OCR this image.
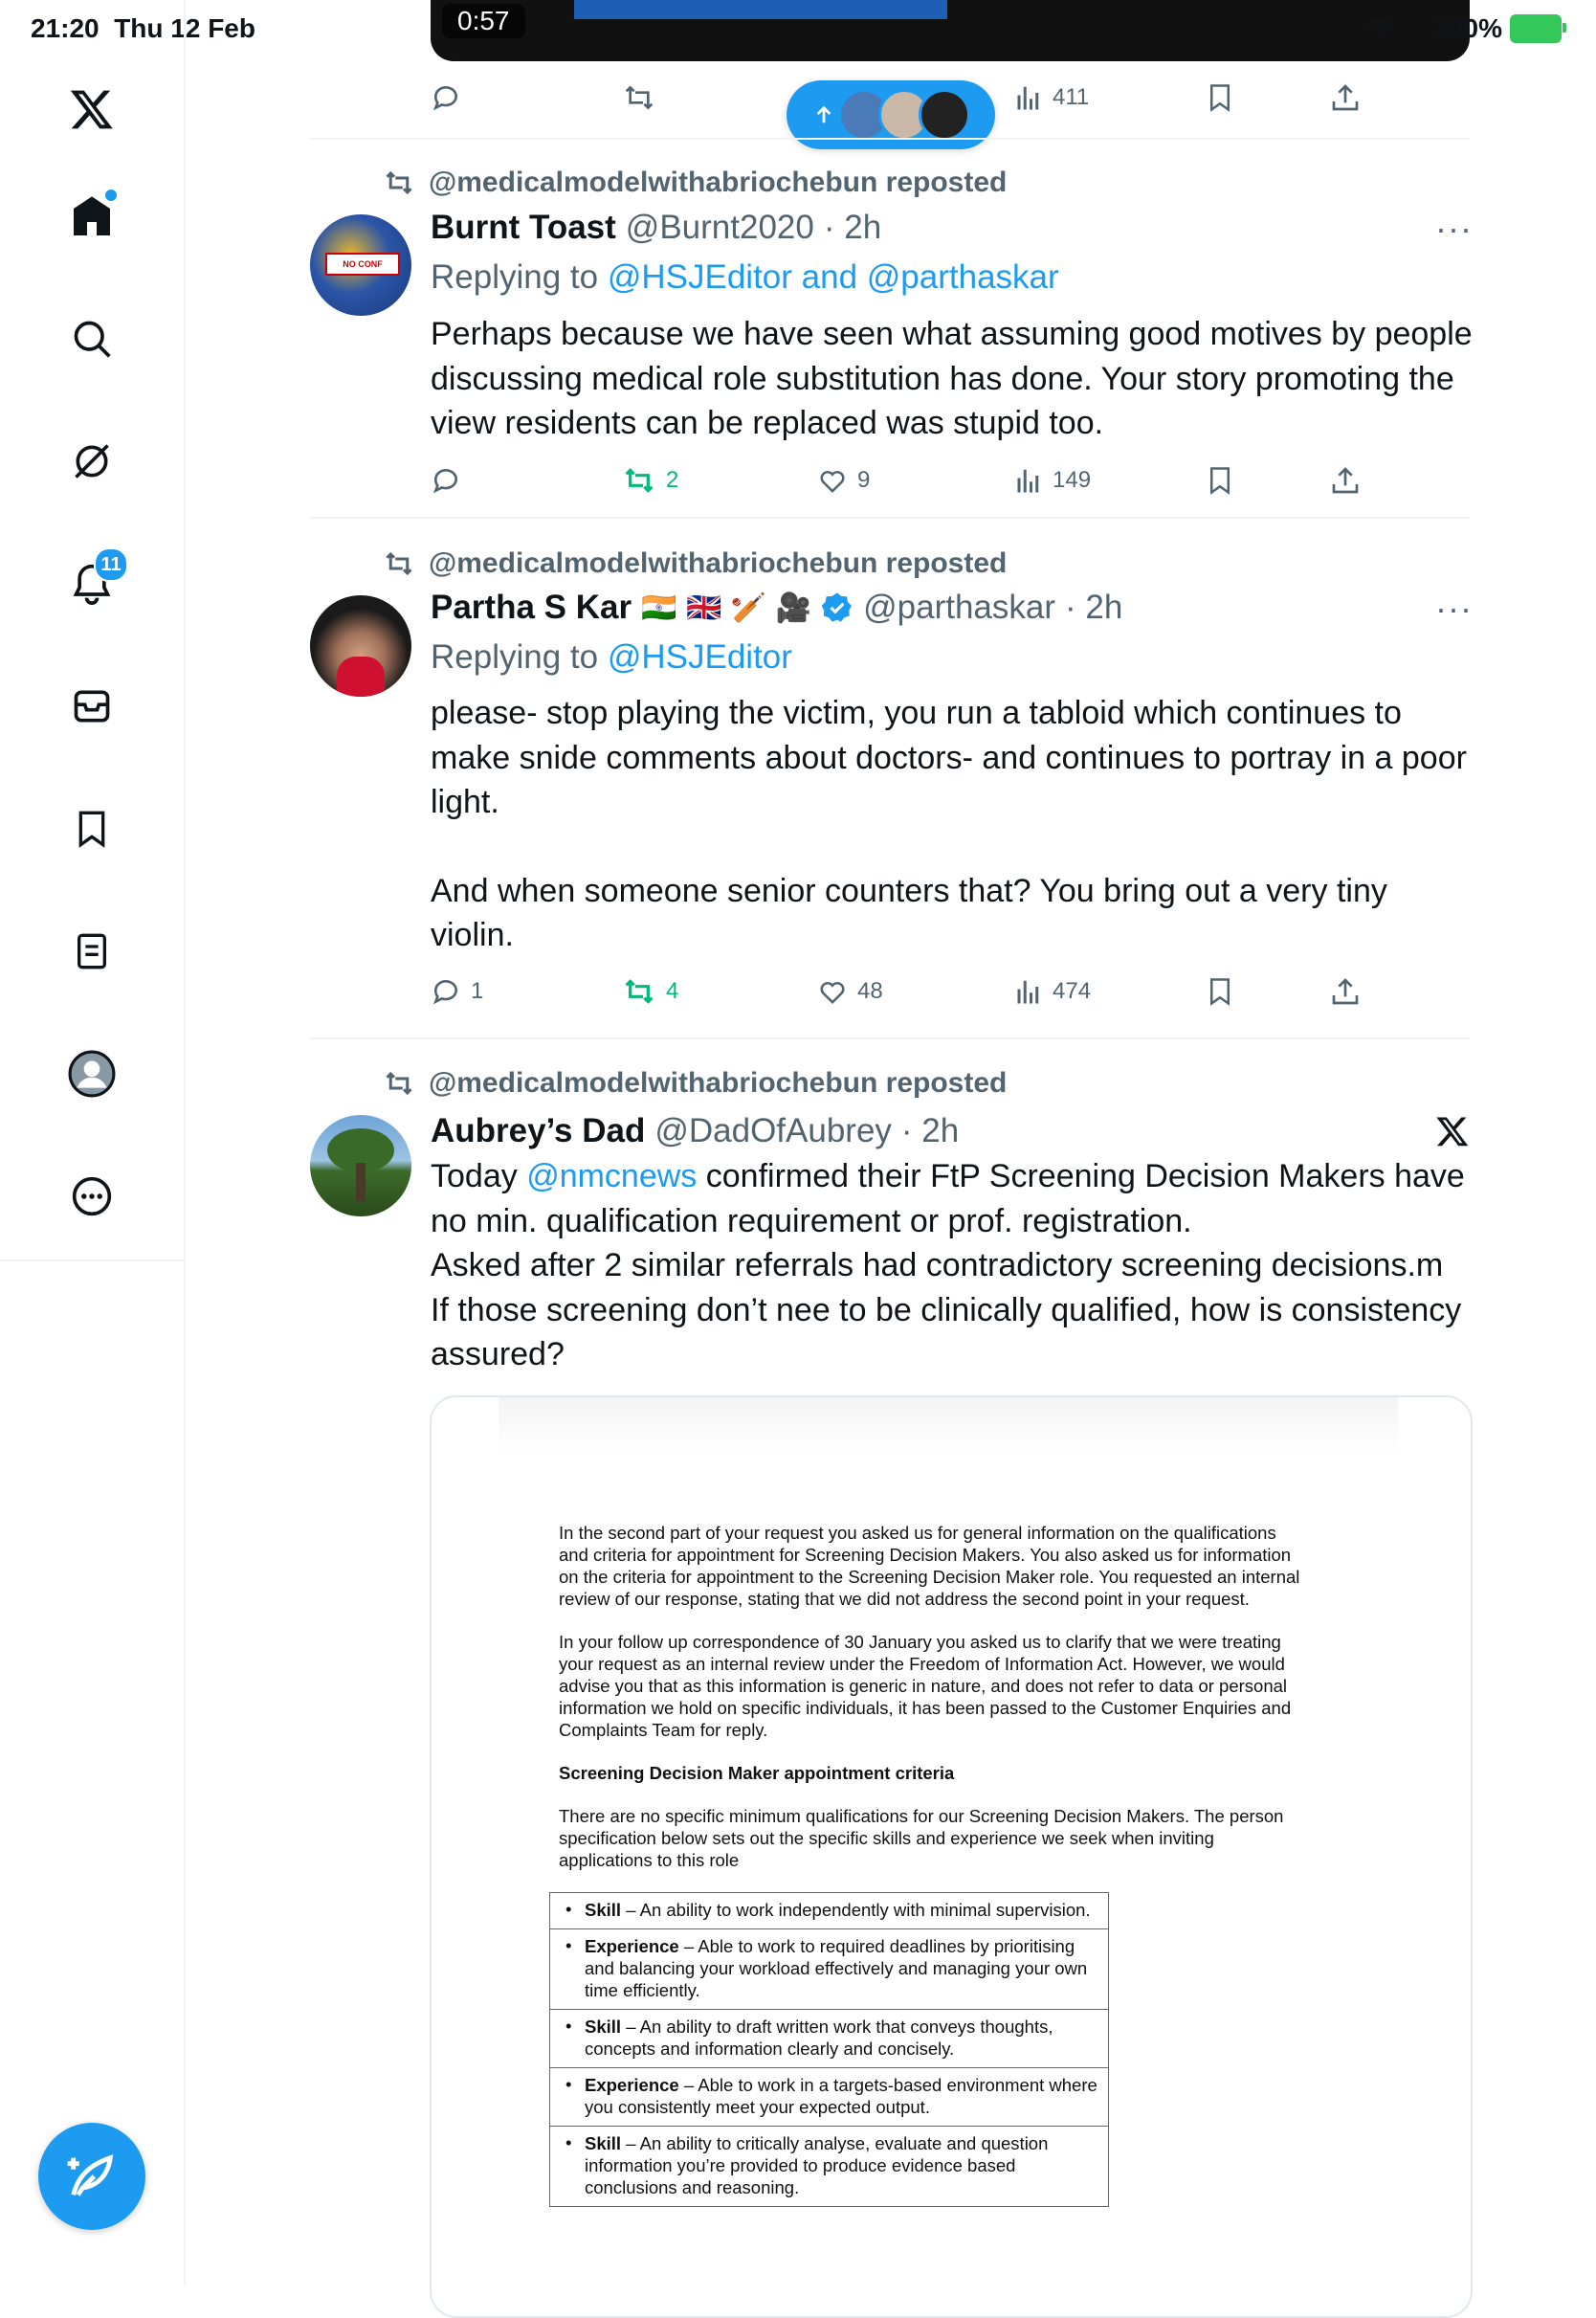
21:20 Thu 12 Feb	0:57	☺ 100%
11
411
@medicalmodelwithabriochebun reposted
NO CONF
Burnt Toast @Burnt2020 · 2h	···
Replying to @HSJEditor and @parthaskar
Perhaps because we have seen what assuming good motives by people discussing medical role substitution has done. Your story promoting the view residents can be replaced was stupid too.
2	9	149
@medicalmodelwithabriochebun reposted
Partha S Kar 🇮🇳 🇬🇧 🏏 🎥 @parthaskar · 2h	···
Replying to @HSJEditor
please- stop playing the victim, you run a tabloid which continues to make snide comments about doctors- and continues to portray in a poor light.
And when someone senior counters that? You bring out a very tiny violin.
1	4	48	474
@medicalmodelwithabriochebun reposted
Aubrey’s Dad @DadOfAubrey · 2h
Today @nmcnews confirmed their FtP Screening Decision Makers have no min. qualification requirement or prof. registration.
Asked after 2 similar referrals had contradictory screening decisions.m
If those screening don’t nee to be clinically qualified, how is consistency assured?

In the second part of your request you asked us for general information on the qualifications and criteria for appointment for Screening Decision Makers. You also asked us for information on the criteria for appointment to the Screening Decision Maker role. You requested an internal review of our response, stating that we did not address the second point in your request.

In your follow up correspondence of 30 January you asked us to clarify that we were treating your request as an internal review under the Freedom of Information Act. However, we would advise you that as this information is generic in nature, and does not refer to data or personal information we hold on specific individuals, it has been passed to the Customer Enquiries and Complaints Team for reply.

Screening Decision Maker appointment criteria

There are no specific minimum qualifications for our Screening Decision Makers. The person specification below sets out the specific skills and experience we seek when inviting applications to this role

• Skill – An ability to work independently with minimal supervision.
• Experience – Able to work to required deadlines by prioritising and balancing your workload effectively and managing your own time efficiently.
• Skill – An ability to draft written work that conveys thoughts, concepts and information clearly and concisely.
• Experience – Able to work in a targets-based environment where you consistently meet your expected output.
• Skill – An ability to critically analyse, evaluate and question information you’re provided to produce evidence based conclusions and reasoning.
